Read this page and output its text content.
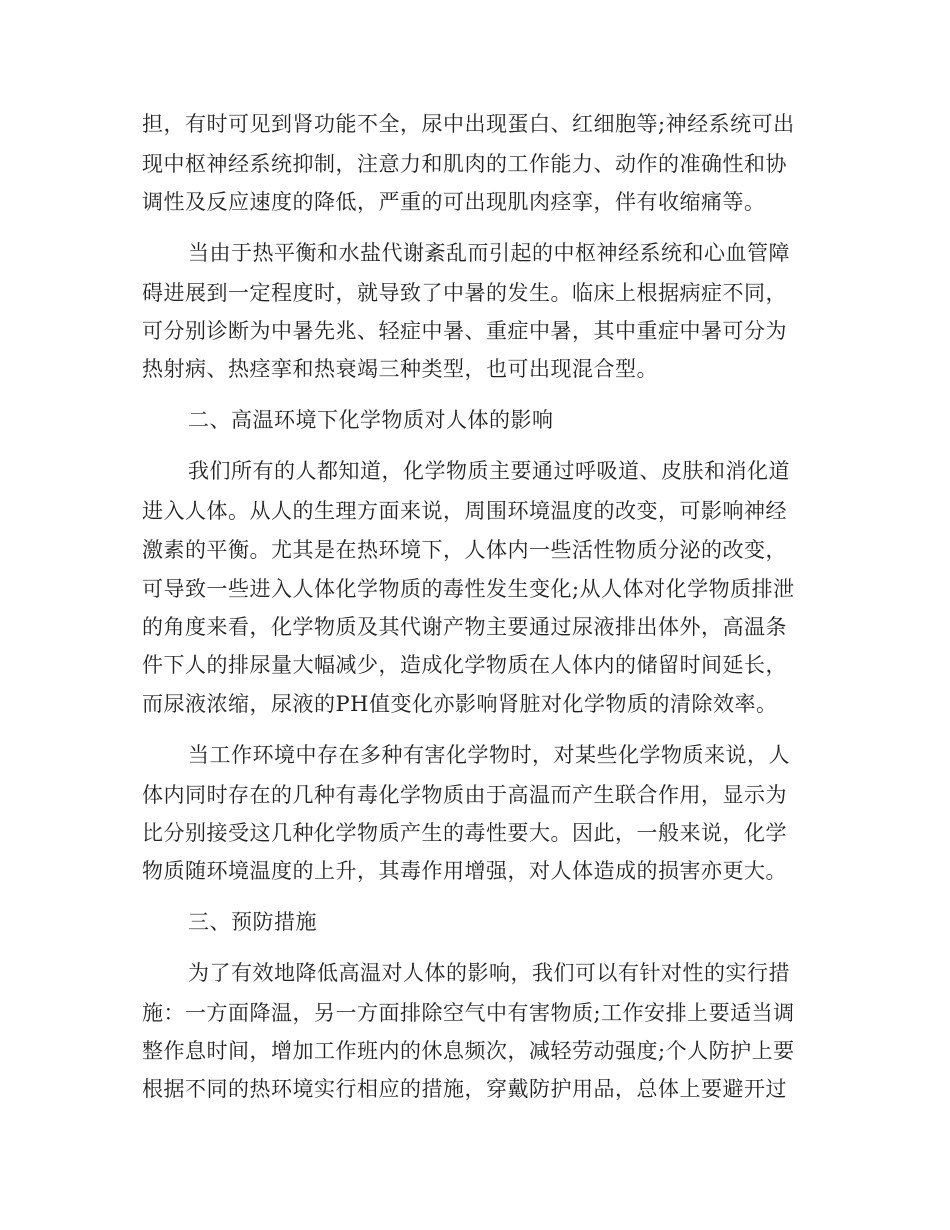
担，有时可见到肾功能不全，尿中出现蛋白、红细胞等;神经系统可出
现中枢神经系统抑制，注意力和肌肉的工作能力、动作的准确性和协
调性及反应速度的降低，严重的可出现肌肉痉挛，伴有收缩痛等。
当由于热平衡和水盐代谢紊乱而引起的中枢神经系统和心血管障
碍进展到一定程度时，就导致了中暑的发生。临床上根据病症不同，
可分别诊断为中暑先兆、轻症中暑、重症中暑，其中重症中暑可分为
热射病、热痉挛和热衰竭三种类型，也可出现混合型。
二、高温环境下化学物质对人体的影响
我们所有的人都知道，化学物质主要通过呼吸道、皮肤和消化道
进入人体。从人的生理方面来说，周围环境温度的改变，可影响神经
激素的平衡。尤其是在热环境下，人体内一些活性物质分泌的改变，
可导致一些进入人体化学物质的毒性发生变化;从人体对化学物质排泄
的角度来看，化学物质及其代谢产物主要通过尿液排出体外，高温条
件下人的排尿量大幅减少，造成化学物质在人体内的储留时间延长，
而尿液浓缩，尿液的PH值变化亦影响肾脏对化学物质的清除效率。
当工作环境中存在多种有害化学物时，对某些化学物质来说，人
体内同时存在的几种有毒化学物质由于高温而产生联合作用，显示为
比分别接受这几种化学物质产生的毒性要大。因此，一般来说，化学
物质随环境温度的上升，其毒作用增强，对人体造成的损害亦更大。
三、预防措施
为了有效地降低高温对人体的影响，我们可以有针对性的实行措
施：一方面降温，另一方面排除空气中有害物质;工作安排上要适当调
整作息时间，增加工作班内的休息频次，减轻劳动强度;个人防护上要
根据不同的热环境实行相应的措施，穿戴防护用品，总体上要避开过
